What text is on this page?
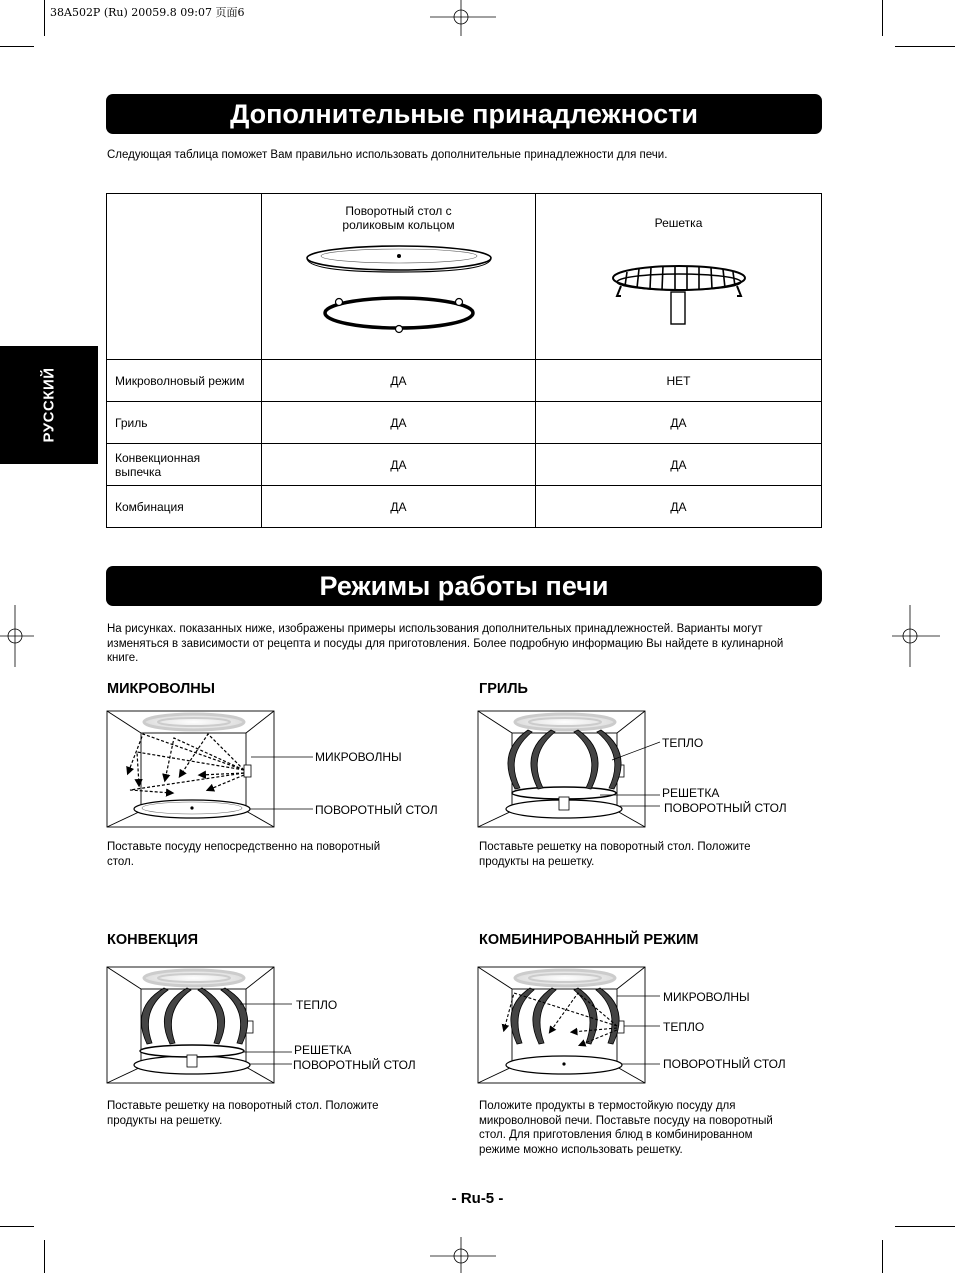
38A502P (Ru) 20059.8 09:07 页面6
РУССКИЙ
Дополнительные принадлежности
Следующая таблица поможет Вам правильно использовать дополнительные принадлежности для печи.

	Поворотный стол с
роликовым кольцом	Решетка

Микроволновый режим	ДА	НЕТ
Гриль	ДА	ДА
Конвекционная
выпечка	ДА	ДА
Комбинация	ДА	ДА
Режимы работы печи
На рисунках. показанных ниже, изображены примеры использования дополнительных принадлежностей. Варианты могут
изменяться в зависимости от рецепта и посуды для приготовления. Более подробную информацию Вы найдете в кулинарной
книге.
МИКРОВОЛНЫ
МИКРОВОЛНЫ
ПОВОРОТНЫЙ СТОЛ
Поставьте посуду непосредственно на поворотный
стол.
ГРИЛЬ
ТЕПЛО
РЕШЕТКА
ПОВОРОТНЫЙ СТОЛ
Поставьте решетку на поворотный стол. Положите
продукты на решетку.
КОНВЕКЦИЯ
ТЕПЛО
РЕШЕТКА
ПОВОРОТНЫЙ СТОЛ
Поставьте решетку на поворотный стол. Положите
продукты на решетку.
КОМБИНИРОВАННЫЙ РЕЖИМ
МИКРОВОЛНЫ
ТЕПЛО
ПОВОРОТНЫЙ СТОЛ
Положите продукты в термостойкую посуду для
микроволновой печи. Поставьте посуду на поворотный
стол. Для приготовления блюд в комбинированном
режиме можно использовать решетку.
- Ru-5 -
